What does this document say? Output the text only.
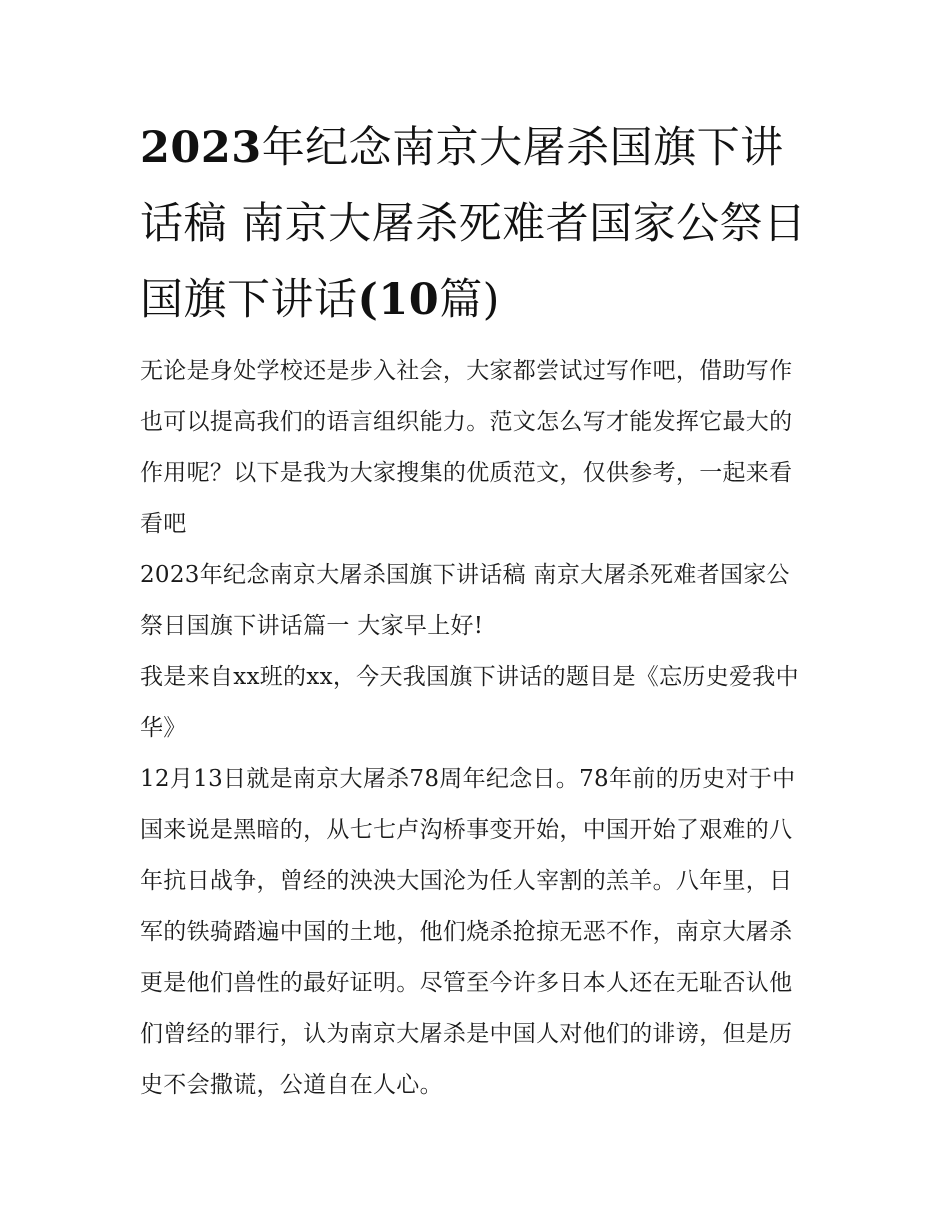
2023年纪念南京大屠杀国旗下讲话稿 南京大屠杀死难者国家公祭日国旗下讲话(10篇)

无论是身处学校还是步入社会，大家都尝试过写作吧，借助写作也可以提高我们的语言组织能力。范文怎么写才能发挥它最大的作用呢？以下是我为大家搜集的优质范文，仅供参考，一起来看看吧

2023年纪念南京大屠杀国旗下讲话稿 南京大屠杀死难者国家公祭日国旗下讲话篇一 大家早上好!

我是来自xx班的xx，今天我国旗下讲话的题目是《忘历史爱我中华》

12月13日就是南京大屠杀78周年纪念日。78年前的历史对于中国来说是黑暗的，从七七卢沟桥事变开始，中国开始了艰难的八年抗日战争，曾经的泱泱大国沦为任人宰割的羔羊。八年里，日军的铁骑踏遍中国的土地，他们烧杀抢掠无恶不作，南京大屠杀更是他们兽性的最好证明。尽管至今许多日本人还在无耻否认他们曾经的罪行，认为南京大屠杀是中国人对他们的诽谤，但是历史不会撒谎，公道自在人心。
